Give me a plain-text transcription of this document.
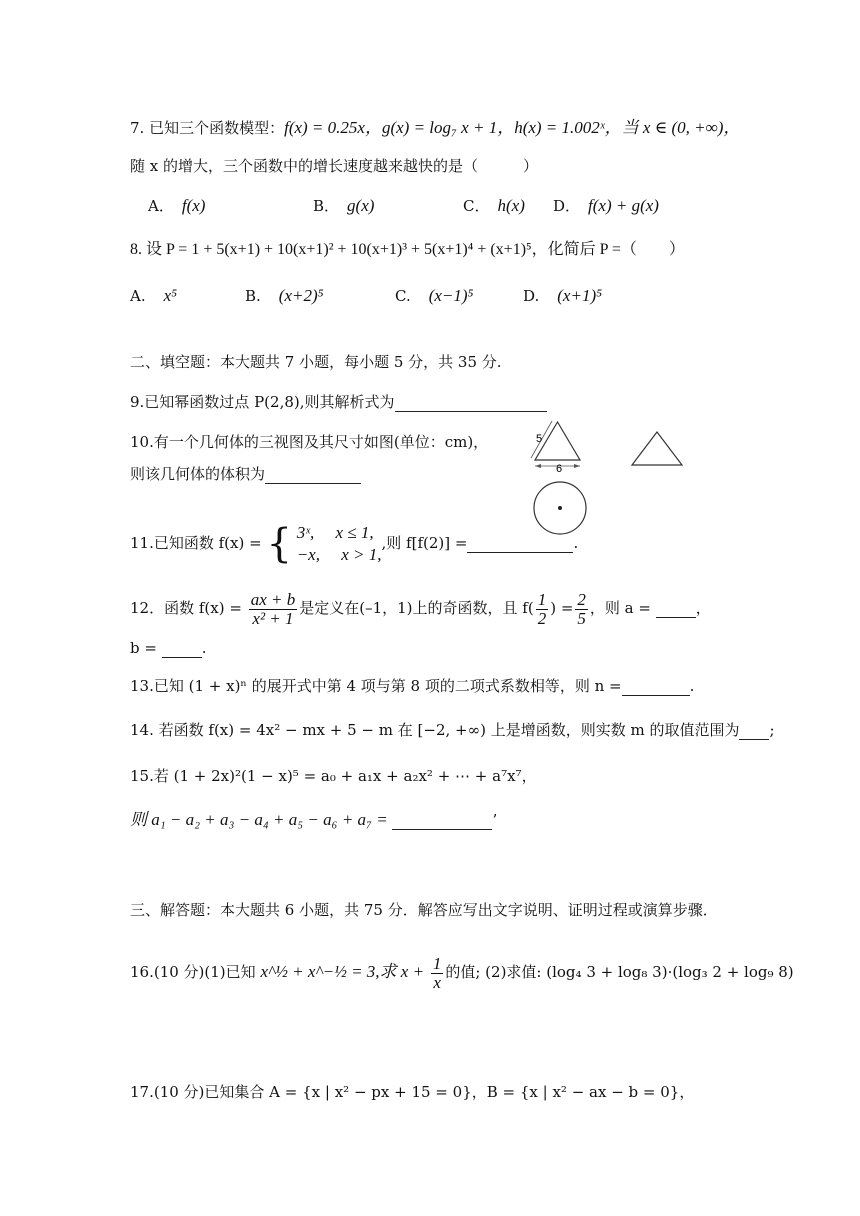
7. 已知三个函数模型：f(x) = 0.25x，g(x) = log₇ x + 1，h(x) = 1.002ˣ，当 x ∈ (0, +∞)，
随 x 的增大，三个函数中的增长速度越来越快的是（　　　）
A． f(x)	B． g(x)	C． h(x) D． f(x) + g(x)
8. 设 P = 1 + 5(x+1) + 10(x+1)² + 10(x+1)³ + 5(x+1)⁴ + (x+1)⁵，化简后 P =（　　）
A. x⁵	B. (x+2)⁵	C. (x−1)⁵	D. (x+1)⁵
二、填空题：本大题共 7 小题，每小题 5 分，共 35 分.
9.已知幂函数过点 P(2,8),则其解析式为
10.有一个几何体的三视图及其尺寸如图(单位：cm)，
则该几何体的体积为
5
6
11.已知函数 f(x) = { 3ˣ,　 x ≤ 1,
−x,　 x > 1,
,则 f[f(2)] =	.
12．函数 $f(x) = \frac{ax + b}{\text{x² + 1}}$ 是定义在(–1，1)上的奇函数，且 $f( \frac{1}{2}$ ) = $\frac{2}{5}$ ，则 a =	，
b =	.
13.已知 (1 + x)ⁿ 的展开式中第 4 项与第 8 项的二项式系数相等，则 n =	.
14. 若函数 f(x) = 4x² − mx + 5 − m 在 [−2, +∞) 上是增函数，则实数 m 的取值范围为 ;
15.若 (1 + 2x)²(1 − x)⁵ = a₀ + a₁x + a₂x² + ⋯ + a⁷x⁷，
则 a₁ − a₂ + a₃ − a₄ + a₅ − a₆ + a₇ =	’
三、解答题：本大题共 6 小题，共 75 分．解答应写出文字说明、证明过程或演算步骤．
16.(10 分)(1)已知 x^½ + x^−½ = 3,求 $x + \frac{1}{x}$ 的值; (2)求值: (log₄ 3 + log₈ 3)·(log₃ 2 + log₉ 8)
17.(10 分)已知集合 A = {x | x² − px + 15 = 0}，B = {x | x² − ax − b = 0}，
